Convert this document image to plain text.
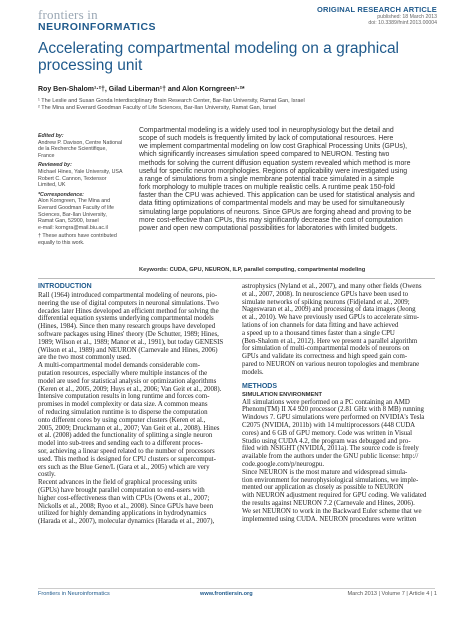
frontiers in
NEUROINFORMATICS
ORIGINAL RESEARCH ARTICLE
published: 18 March 2013
doi: 10.3389/fninf.2013.00004
Accelerating compartmental modeling on a graphical processing unit
Roy Ben-Shalom¹·²†, Gilad Liberman¹† and Alon Korngreen¹·²*
¹ The Leslie and Susan Gonda Interdisciplinary Brain Research Center, Bar-Ilan University, Ramat Gan, Israel
² The Mina and Everard Goodman Faculty of Life Sciences, Bar-Ilan University, Ramat Gan, Israel
Edited by:
Andrew P. Davison, Centre National
de la Recherche Scientifique, France
Reviewed by:
Michael Hines, Yale University, USA
Robert C. Cannon, Textensor
Limited, UK
*Correspondence:
Alon Korngreen, The Mina and
Everard Goodman Faculty of life
Sciences, Bar-Ilan University,
Ramat Gan, 52900, Israel
e-mail: korngra@mail.biu.ac.il
† These authors have contributed
equally to this work.
Compartmental modeling is a widely used tool in neurophysiology but the detail and
scope of such models is frequently limited by lack of computational resources. Here
we implement compartmental modeling on low cost Graphical Processing Units (GPUs),
which significantly increases simulation speed compared to NEURON. Testing two
methods for solving the current diffusion equation system revealed which method is more
useful for specific neuron morphologies. Regions of applicability were investigated using
a range of simulations from a single membrane potential trace simulated in a simple
fork morphology to multiple traces on multiple realistic cells. A runtime peak 150-fold
faster than the CPU was achieved. This application can be used for statistical analysis and
data fitting optimizations of compartmental models and may be used for simultaneously
simulating large populations of neurons. Since GPUs are forging ahead and proving to be
more cost-effective than CPUs, this may significantly decrease the cost of computation
power and open new computational possibilities for laboratories with limited budgets.
Keywords: CUDA, GPU, NEURON, ILP, parallel computing, compartmental modeling
INTRODUCTION
Rall (1964) introduced compartmental modeling of neurons, pio-
neering the use of digital computers in neuronal simulations. Two
decades later Hines developed an efficient method for solving the
differential equation systems underlying compartmental models
(Hines, 1984). Since then many research groups have developed
software packages using Hines' theory (De Schutter, 1989; Hines,
1989; Wilson et al., 1989; Manor et al., 1991), but today GENESIS
(Wilson et al., 1989) and NEURON (Carnevale and Hines, 2006)
are the two most commonly used.
A multi-compartmental model demands considerable com-
putation resources, especially where multiple instances of the
model are used for statistical analysis or optimization algorithms
(Keren et al., 2005, 2009; Huys et al., 2006; Van Geit et al., 2008).
Intensive computation results in long runtime and forces com-
promises in model complexity or data size. A common means
of reducing simulation runtime is to disperse the computation
onto different cores by using computer clusters (Keren et al.,
2005, 2009; Druckmann et al., 2007; Van Geit et al., 2008). Hines
et al. (2008) added the functionality of splitting a single neuron
model into sub-trees and sending each to a different proces-
sor, achieving a linear speed related to the number of processors
used. This method is designed for CPU clusters or supercomput-
ers such as the Blue Gene/L (Gara et al., 2005) which are very
costly.
Recent advances in the field of graphical processing units
(GPUs) have brought parallel computation to end-users with
higher cost-effectiveness than with CPUs (Owens et al., 2007;
Nickolls et al., 2008; Ryoo et al., 2008). Since GPUs have been
utilized for highly demanding applications in hydrodynamics
(Harada et al., 2007), molecular dynamics (Harada et al., 2007),
astrophysics (Nyland et al., 2007), and many other fields (Owens
et al., 2007, 2008). In neuroscience GPUs have been used to
simulate networks of spiking neurons (Fidjeland et al., 2009;
Nageswaran et al., 2009) and processing of data images (Jeong
et al., 2010). We have previously used GPUs to accelerate simu-
lations of ion channels for data fitting and have achieved
a speed up to a thousand times faster than a single CPU
(Ben-Shalom et al., 2012). Here we present a parallel algorithm
for simulation of multi-compartmental models of neurons on
GPUs and validate its correctness and high speed gain com-
pared to NEURON on various neuron topologies and membrane
models.
METHODS
SIMULATION ENVIRONMENT
All simulations were performed on a PC containing an AMD
Phenom(TM) II X4 920 processor (2.81 GHz with 8 MB) running
Windows 7. GPU simulations were performed on NVIDIA's Tesla
C2075 (NVIDIA, 2011b) with 14 multiprocessors (448 CUDA
cores) and 6 GB of GPU memory. Code was written in Visual
Studio using CUDA 4.2, the program was debugged and pro-
filed with NSIGHT (NVIDIA, 2011a). The source code is freely
available from the authors under the GNU public license: http://
code.google.com/p/neurogpu.
Since NEURON is the most mature and widespread simula-
tion environment for neurophysiological simulations, we imple-
mented our application as closely as possible to NEURON
with NEURON adjustment required for GPU coding. We validated
the results against NEURON 7.2 (Carnevale and Hines, 2006).
We set NEURON to work in the Backward Euler scheme that we
implemented using CUDA. NEURON procedures were written
Frontiers in Neuroinformatics	www.frontiersin.org	March 2013 | Volume 7 | Article 4 | 1
